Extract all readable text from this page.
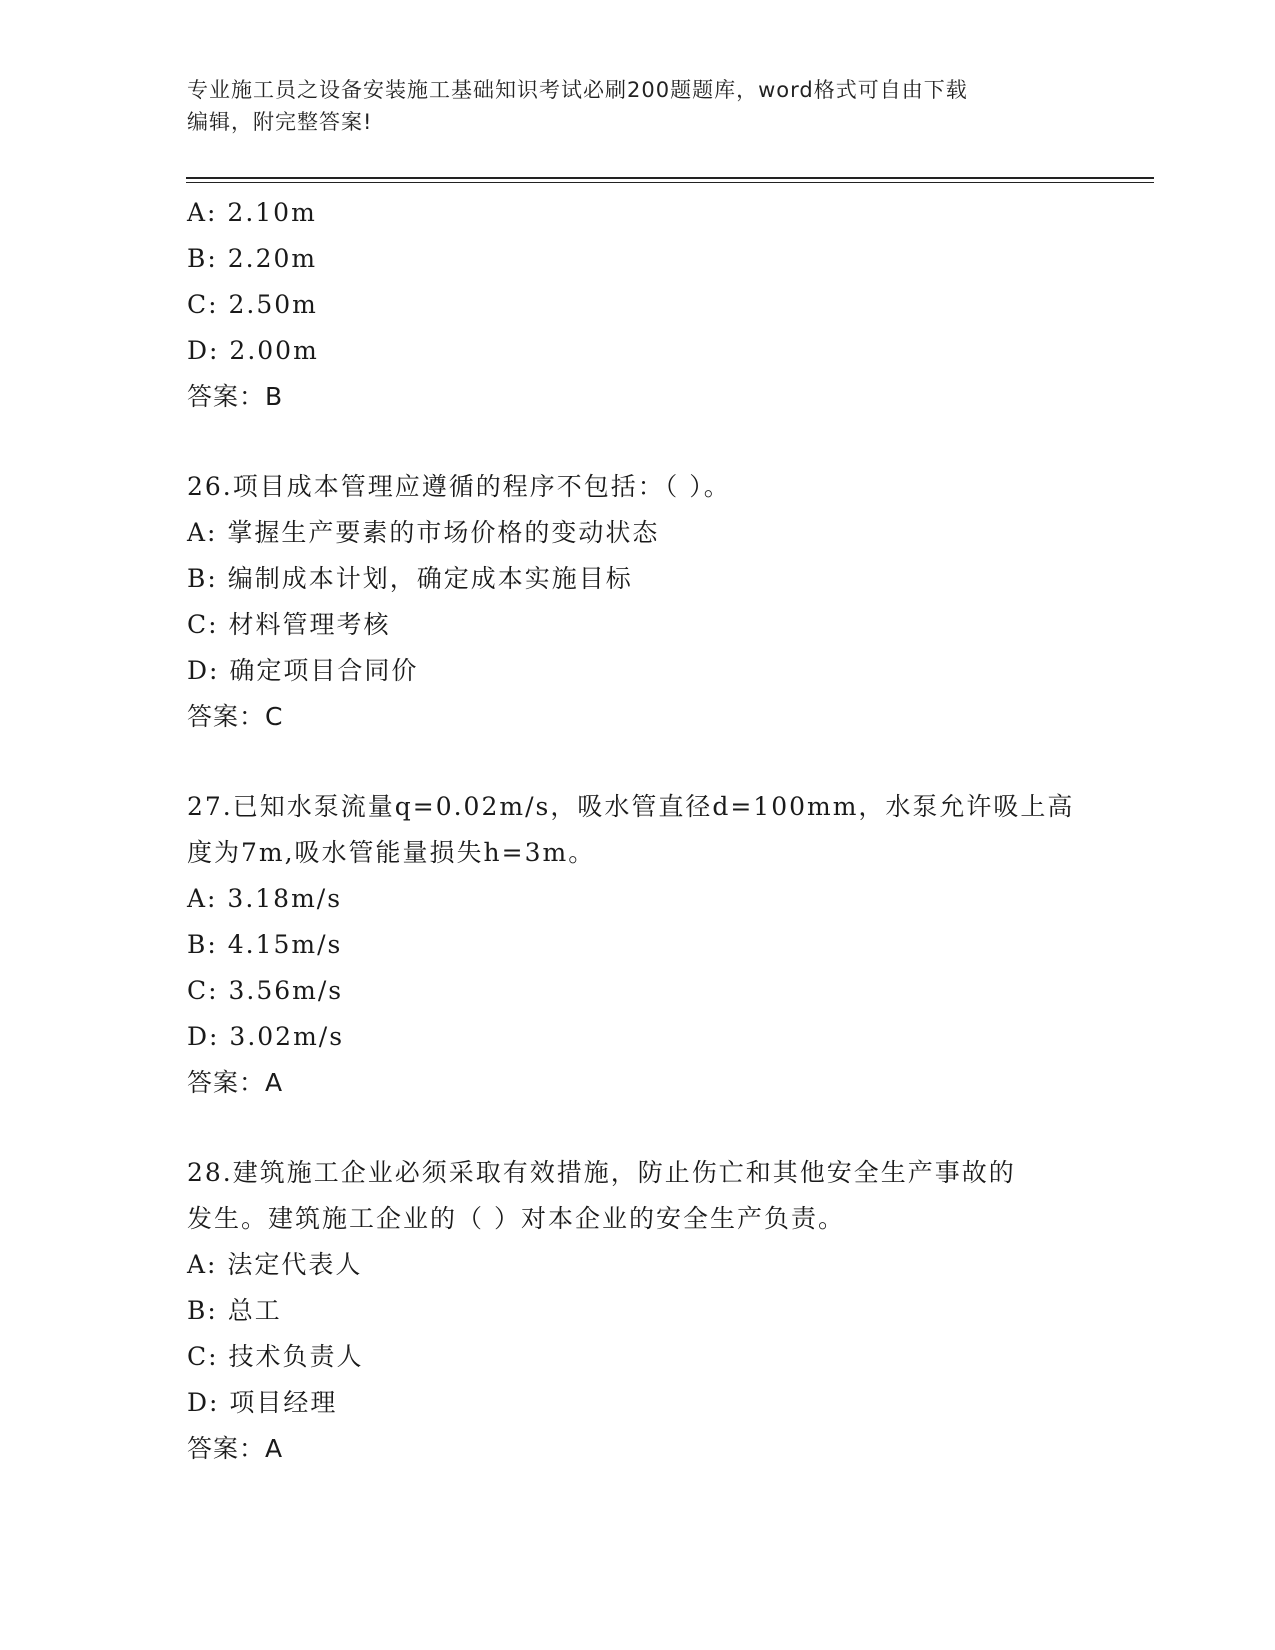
专业施工员之设备安装施工基础知识考试必刷200题题库，word格式可自由下载
编辑，附完整答案!
A: 2.10m
B: 2.20m
C: 2.50m
D: 2.00m
答案：B
26.项目成本管理应遵循的程序不包括：（ ）。
A: 掌握生产要素的市场价格的变动状态
B: 编制成本计划，确定成本实施目标
C: 材料管理考核
D: 确定项目合同价
答案：C
27.已知水泵流量q=0.02m/s，吸水管直径d=100mm，水泵允许吸上高
度为7m,吸水管能量损失h=3m。
A: 3.18m/s
B: 4.15m/s
C: 3.56m/s
D: 3.02m/s
答案：A
28.建筑施工企业必须采取有效措施，防止伤亡和其他安全生产事故的
发生。建筑施工企业的（ ）对本企业的安全生产负责。
A: 法定代表人
B: 总工
C: 技术负责人
D: 项目经理
答案：A
